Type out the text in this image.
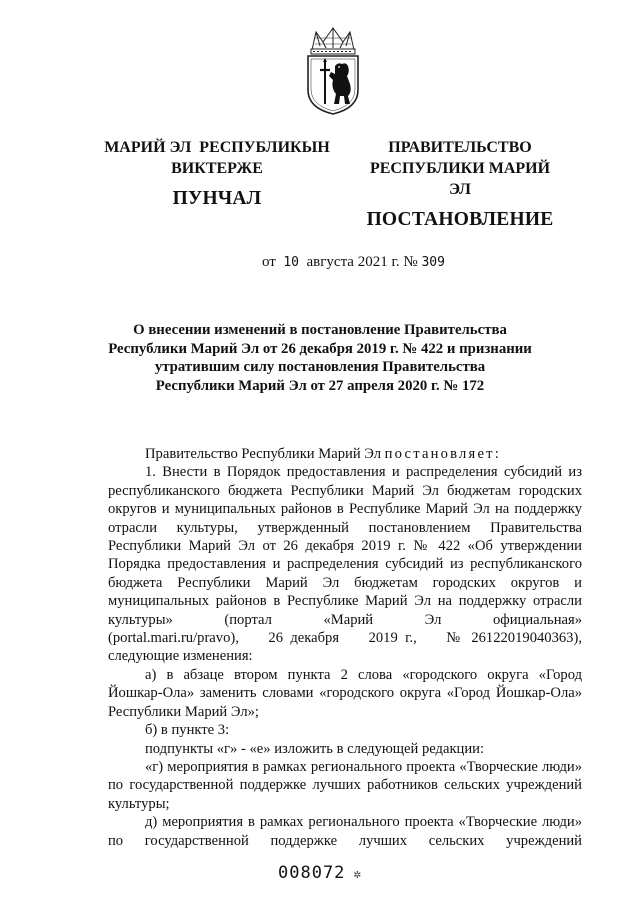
МАРИЙ ЭЛ  РЕСПУБЛИКЫН
ВИКТЕРЖЕ
ПУНЧАЛ
ПРАВИТЕЛЬСТВО
РЕСПУБЛИКИ МАРИЙ ЭЛ
ПОСТАНОВЛЕНИЕ
от 10 августа 2021 г. № 309
О внесении изменений в постановление Правительства
Республики Марий Эл от 26 декабря 2019 г. № 422 и признании
утратившим силу постановления Правительства
Республики Марий Эл от 27 апреля 2020 г. № 172
Правительство Республики Марий Эл постановляет:
1. Внести в Порядок предоставления и распределения субсидий из республиканского бюджета Республики Марий Эл бюджетам городских округов и муниципальных районов в Республике Марий Эл на поддержку отрасли культуры, утвержденный постановлением Правительства Республики Марий Эл от 26 декабря 2019 г. № 422 «Об утверждении Порядка предоставления и распределения субсидий из республиканского бюджета Республики Марий Эл бюджетам городских округов и муниципальных районов в Республике Марий Эл на поддержку отрасли культуры» (портал «Марий Эл официальная»
(portal.mari.ru/pravo),    26 декабря    2019 г.,    № 26122019040363),
следующие изменения:
а) в абзаце втором пункта 2 слова «городского округа «Город Йошкар-Ола» заменить словами «городского округа «Город Йошкар-Ола» Республики Марий Эл»;
б) в пункте 3:
подпункты «г» - «е» изложить в следующей редакции:
«г) мероприятия в рамках регионального проекта «Творческие люди» по государственной поддержке лучших работников сельских учреждений культуры;
д) мероприятия в рамках регионального проекта «Творческие люди» по государственной поддержке лучших сельских учреждений
008072 ✲
